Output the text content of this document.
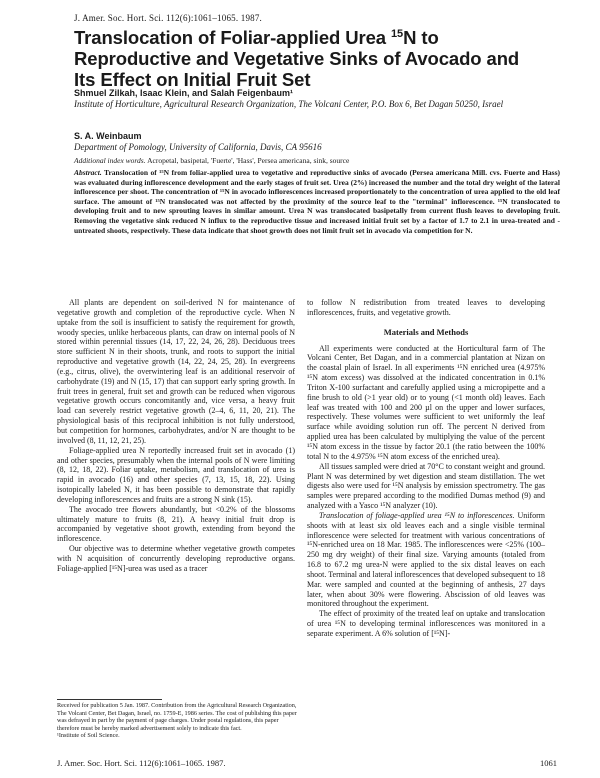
J. Amer. Soc. Hort. Sci. 112(6):1061–1065. 1987.
Translocation of Foliar-applied Urea $^{15}$N to Reproductive and Vegetative Sinks of Avocado and Its Effect on Initial Fruit Set
Shmuel Zilkah, Isaac Klein, and Salah Feigenbaum¹
Institute of Horticulture, Agricultural Research Organization, The Volcani Center, P.O. Box 6, Bet Dagan 50250, Israel
S. A. Weinbaum
Department of Pomology, University of California, Davis, CA 95616
Additional index words. Acropetal, basipetal, 'Fuerte', 'Hass', Persea americana, sink, source
Abstract. Translocation of ¹⁵N from foliar-applied urea to vegetative and reproductive sinks of avocado (Persea americana Mill. cvs. Fuerte and Hass) was evaluated during inflorescence development and the early stages of fruit set. Urea (2%) increased the number and the total dry weight of the lateral inflorescence per shoot. The concentration of ¹⁵N in avocado inflorescences increased proportionately to the concentration of urea applied to the old leaf surface. The amount of ¹⁵N translocated was not affected by the proximity of the source leaf to the "terminal" inflorescence. ¹⁵N translocated to developing fruit and to new sprouting leaves in similar amount. Urea N was translocated basipetally from current flush leaves to developing fruit. Removing the vegetative sink reduced N influx to the reproductive tissue and increased initial fruit set by a factor of 1.7 to 2.1 in urea-treated and -untreated shoots, respectively. These data indicate that shoot growth does not limit fruit set in avocado via competition for N.

All plants are dependent on soil-derived N for maintenance of vegetative growth and completion of the reproductive cycle. When N uptake from the soil is insufficient to satisfy the requirement for growth, woody species, unlike herbaceous plants, can draw on internal pools of N stored within perennial tissues (14, 17, 22, 24, 26, 28). Deciduous trees store sufficient N in their shoots, trunk, and roots to support the initial reproductive and vegetative growth (14, 22, 24, 25, 28). In evergreens (e.g., citrus, olive), the overwintering leaf is an additional reservoir of carbohydrate (19) and N (15, 17) that can support early spring growth. In fruit trees in general, fruit set and growth can be reduced when vigorous vegetative growth occurs concomitantly and, vice versa, a heavy fruit load can severely restrict vegetative growth (2–4, 6, 11, 20, 21). The physiological basis of this reciprocal inhibition is not fully understood, but competition for hormones, carbohydrates, and/or N are thought to be involved (8, 11, 12, 21, 25).

Foliage-applied urea N reportedly increased fruit set in avocado (1) and other species, presumably when the internal pools of N were limiting (8, 12, 18, 22). Foliar uptake, metabolism, and translocation of urea is rapid in avocado (16) and other species (7, 13, 15, 18, 22). Using isotopically labeled N, it has been possible to demonstrate that rapidly developing inflorescences and fruits are a strong N sink (15).

The avocado tree flowers abundantly, but <0.2% of the blossoms ultimately mature to fruits (8, 21). A heavy initial fruit drop is accompanied by vegetative shoot growth, extending from beyond the inflorescence.

Our objective was to determine whether vegetative growth competes with N acquisition of concurrently developing reproductive organs. Foliage-applied [¹⁵N]-urea was used as a tracer

to follow N redistribution from treated leaves to developing inflorescences, fruits, and vegetative growth.

Materials and Methods

All experiments were conducted at the Horticultural farm of The Volcani Center, Bet Dagan, and in a commercial plantation at Nizan on the coastal plain of Israel. In all experiments ¹⁵N enriched urea (4.975% ¹⁵N atom excess) was dissolved at the indicated concentration in 0.1% Triton X-100 surfactant and carefully applied using a micropipette and a fine brush to old (>1 year old) or to young (<1 month old) leaves. Each leaf was treated with 100 and 200 µl on the upper and lower surfaces, respectively. These volumes were sufficient to wet uniformly the leaf surface while avoiding solution run off. The percent N derived from applied urea has been calculated by multiplying the value of the percent ¹⁵N atom excess in the tissue by factor 20.1 (the ratio between the 100% total N to the 4.975% ¹⁵N atom excess of the enriched urea).

All tissues sampled were dried at 70°C to constant weight and ground. Plant N was determined by wet digestion and steam distillation. The wet digests also were used for ¹⁵N analysis by emission spectrometry. The gas samples were prepared according to the modified Dumas method (9) and analyzed with a Yasco ¹⁵N analyzer (10).

Translocation of foliage-applied urea ¹⁵N to inflorescences. Uniform shoots with at least six old leaves each and a single visible terminal inflorescence were selected for treatment with various concentrations of ¹⁵N-enriched urea on 18 Mar. 1985. The inflorescences were <25% (100–250 mg dry weight) of their final size. Varying amounts (totaled from 16.8 to 67.2 mg urea-N were applied to the six distal leaves on each shoot. Terminal and lateral inflorescences that developed subsequent to 18 Mar. were sampled and counted at the beginning of anthesis, 27 days later, when about 30% were flowering. Abscission of old leaves was monitored throughout the experiment.

The effect of proximity of the treated leaf on uptake and translocation of urea ¹⁵N to developing terminal inflorescences was monitored in a separate experiment. A 6% solution of [¹⁵N]-

Received for publication 5 Jan. 1987. Contribution from the Agricultural Research Organization, The Volcani Center, Bet Dagan, Israel, no. 1759-E, 1986 series. The cost of publishing this paper was defrayed in part by the payment of page charges. Under postal regulations, this paper therefore must be hereby marked advertisement solely to indicate this fact.

¹Institute of Soil Science.

J. Amer. Soc. Hort. Sci. 112(6):1061–1065. 1987.	1061
